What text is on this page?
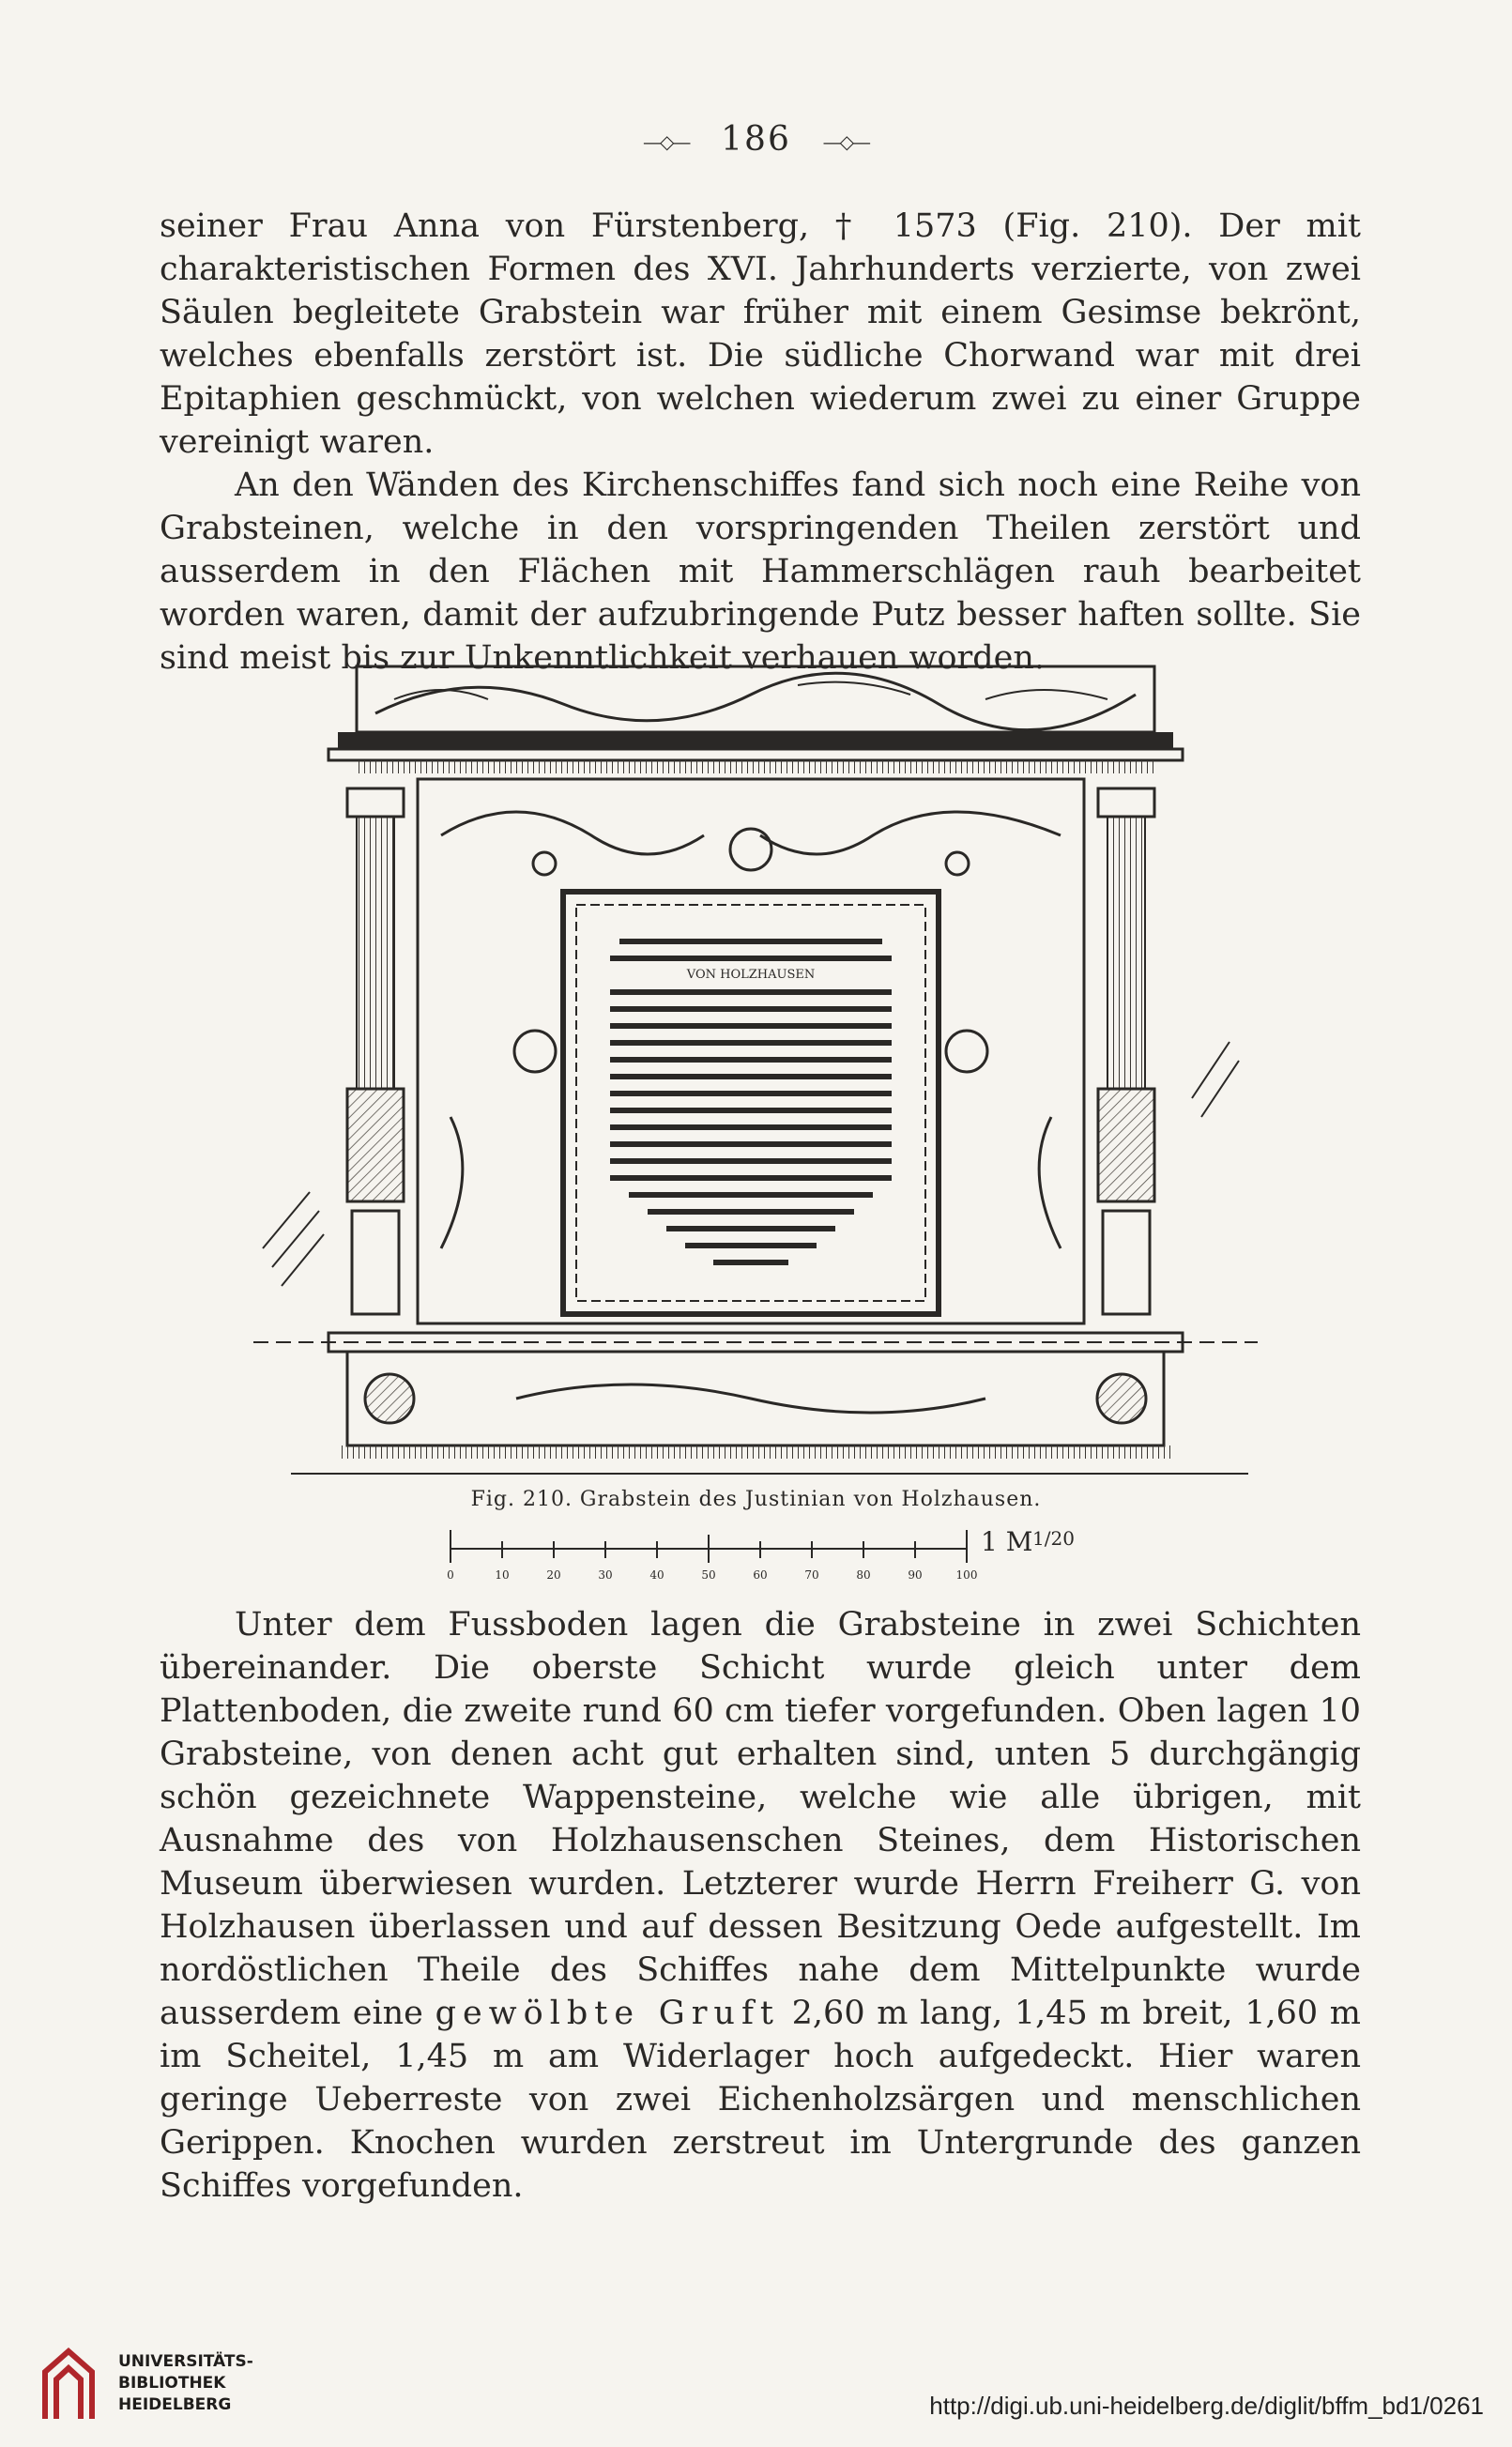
—◇— 186 —◇—

seiner Frau Anna von Fürstenberg, † 1573 (Fig. 210). Der mit charakteristischen Formen des XVI. Jahrhunderts verzierte, von zwei Säulen begleitete Grabstein war früher mit einem Gesimse bekrönt, welches ebenfalls zerstört ist. Die südliche Chorwand war mit drei Epitaphien geschmückt, von welchen wiederum zwei zu einer Gruppe vereinigt waren.

An den Wänden des Kirchenschiffes fand sich noch eine Reihe von Grabsteinen, welche in den vorspringenden Theilen zerstört und ausserdem in den Flächen mit Hammerschlägen rauh bearbeitet worden waren, damit der aufzubringende Putz besser haften sollte. Sie sind meist bis zur Unkenntlichkeit verhauen worden.

VON HOLZHAUSEN
Fig. 210. Grabstein des Justinian von Holzhausen.
0	10	20	30	40	50	60	70	80	90	100
1 M 1/20

Unter dem Fussboden lagen die Grabsteine in zwei Schichten übereinander. Die oberste Schicht wurde gleich unter dem Plattenboden, die zweite rund 60 cm tiefer vorgefunden. Oben lagen 10 Grabsteine, von denen acht gut erhalten sind, unten 5 durchgängig schön gezeichnete Wappensteine, welche wie alle übrigen, mit Ausnahme des von Holzhausenschen Steines, dem Historischen Museum überwiesen wurden. Letzterer wurde Herrn Freiherr G. von Holzhausen überlassen und auf dessen Besitzung Oede aufgestellt. Im nordöstlichen Theile des Schiffes nahe dem Mittelpunkte wurde ausserdem eine gewölbte Gruft 2,60 m lang, 1,45 m breit, 1,60 m im Scheitel, 1,45 m am Widerlager hoch aufgedeckt. Hier waren geringe Ueberreste von zwei Eichenholzsärgen und menschlichen Gerippen. Knochen wurden zerstreut im Untergrunde des ganzen Schiffes vorgefunden.

UNIVERSITÄTS-
BIBLIOTHEK
HEIDELBERG	http://digi.ub.uni-heidelberg.de/diglit/bffm_bd1/0261
